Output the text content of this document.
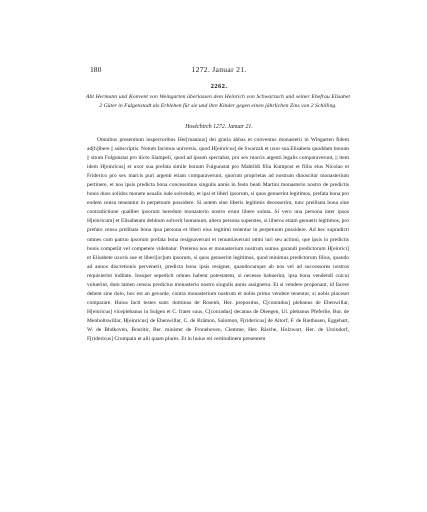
180	1272. Januar 21.
2262.
Abt Hermann und Konvent von Weingarten überlassen dem Heinrich von Schwarzach und seiner Ehefrau Elisabet 2 Güter in Fulgenstadt als Erblehen für sie und ihre Kinder gegen einen jährlichen Zins von 2 Schilling.
Hoséchirch 1272. Januar 21.

Omnibus presentium inspectoribus Her[mannus] dei gratia abbas et conventus monasterii in Wingarten fidem ad[h]ibere || subscriptis. Notum facimus universis, quod H[einricus] de Swarzah et uxor sua Elisabeta quoddam bonum || situm Fulgunstat pro dicto Slampeli, quod ad ipsum spectabat, pro sex marcis argenti legalis comparaverunt, || item idem H[einricus] et uxor sua prefata simile bonum Fulgunstat pro Mahtildi filia Kumpost et filiis eius Nicolao et Friderico pro sex marcis puri argenti etiam comparaverunt, quorum proprietas ad nostrum dinoscitur monasterium pertinere, et nos ipsis predicta bona concessimus singulis annis in festo beati Martini monasterio nostro de predictis bonis duos solidos monete usualis iude solvendo, et ipsi et liberi ipsorum, si quos genuerint legitimos, prefata bona pro eodem censu teneantur in perpetuum possidere. Si autem sine liberis legitimis decesserint, tunc prelibata bona sine contradictione qualibet ipsorum heredum monasterio nostro erunt libere soluta. Si vero una persona inter ipsos H[einricum] et Elisabetam debitum solverit humanum, altera persona superstes, si liberos etiam genuerit legitimos, pro prefato censu prelibata bona ipsa persona et liberi eius legitimi tenentur in perpetuum possidere. Ad hec supradicti omnes cum patruo ipsorum prefata bona resignaverunt et renuntiaverunt omni iuri seu actioni, que ipsis in predictis bonis competiit vel competere videbatur. Preterea nos et monasterium nostrum sumus garandi predictorum H[einrici] et Elisabete uxoris sue et liberi[or]um ipsorum, si quos genuerint legitimos, quod minimus predictorum filius, quando ad annos discretionis pervenerit, predicta bona ipsis resignet, quandocunque ab nos vel ad successores nostros requisierint indilate. Insuper sepedicti omnes habent potestatem, si necesse habuerint, ipsa bona vendendi cuicui voluerint, dum tamen census predictus monasterio nostro singulis annis assignetur. Et si vendere proponant, id facere debent sine dolo, hoc est an gevarde, contra monasterium nostrum et nobis primo vendere tenentur, si nobis placeset comparare. Huius facti testes sunt: dominus de Rosenh, Her. prepositus, C[conradus] plebanus de Ebenwillar, H[einricus] viceplebanus in Sulgen et C. frater suus, C[conradus] decanus de Dieegen, Ul. plebanus Pfeferlie, Bur. de Menholtswillar, H[einricus] de Ebenwillar, C. de Brâmon, Salomon, F[ridericus] de Altorf, F. de Riethusen, Eggehart, W. de Bhdkoven, Bonritir, Ber. minister de Fronehoven, Clemme, Her. Râsche, Holzwart, Her. de Ursindorf, F[ridericus] Crumpain et alii quam plures. Et in huius rei certitudinem presentem
